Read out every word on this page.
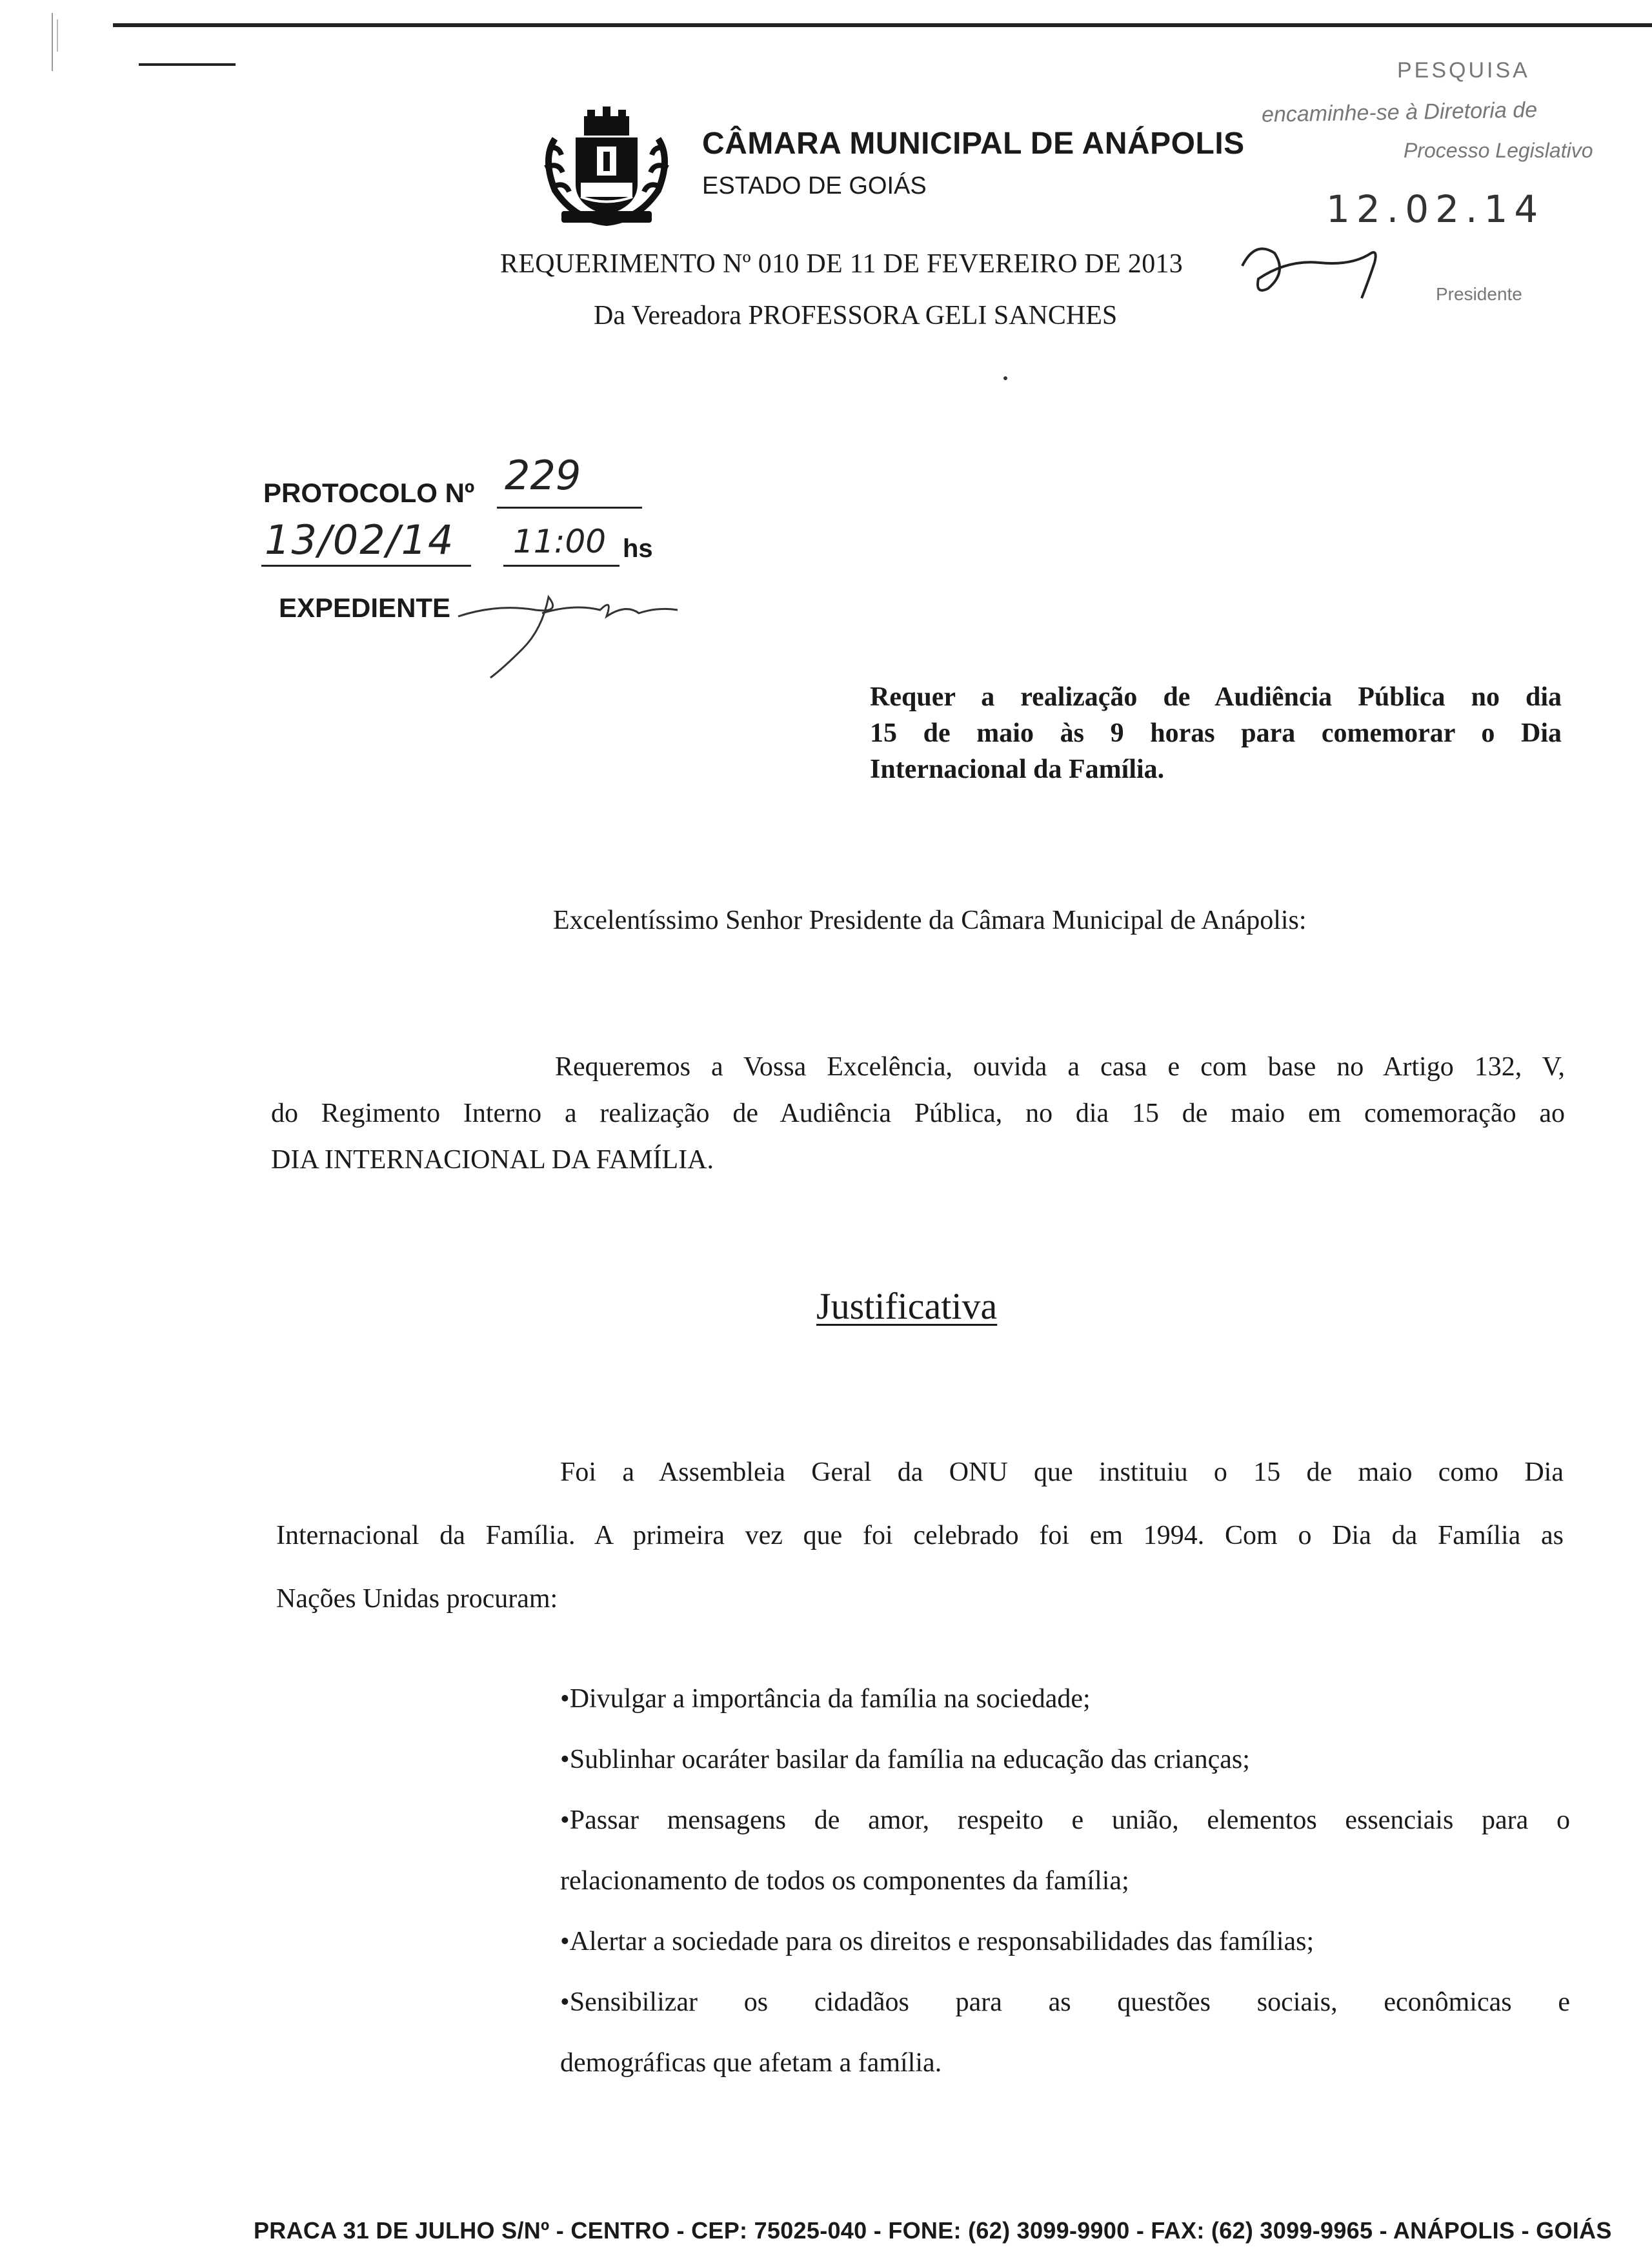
CÂMARA MUNICIPAL DE ANÁPOLIS
ESTADO DE GOIÁS
PESQUISA
encaminhe-se à Diretoria de
Processo Legislativo
12.02.14
Presidente
REQUERIMENTO Nº 010 DE 11 DE FEVEREIRO DE 2013
Da Vereadora PROFESSORA GELI SANCHES
PROTOCOLO Nº 229
13/02/14 11:00 hs
EXPEDIENTE

Requer a realização de Audiência Pública no dia

15 de maio às 9 horas para comemorar o Dia

Internacional da Família.

Excelentíssimo Senhor Presidente da Câmara Municipal de Anápolis:
Requeremos a Vossa Excelência, ouvida a casa e com base no Artigo 132, V,
do Regimento Interno a realização de Audiência Pública, no dia 15 de maio em comemoração ao
DIA INTERNACIONAL DA FAMÍLIA.
Justificativa
Foi a Assembleia Geral da ONU que instituiu o 15 de maio como Dia
Internacional da Família. A primeira vez que foi celebrado foi em 1994. Com o Dia da Família as
Nações Unidas procuram:
•Divulgar a importância da família na sociedade;
•Sublinhar ocaráter basilar da família na educação das crianças;
•Passar mensagens de amor, respeito e união, elementos essenciais para o
relacionamento de todos os componentes da família;
•Alertar a sociedade para os direitos e responsabilidades das famílias;
•Sensibilizar os cidadãos para as questões sociais, econômicas e
demográficas que afetam a família.
PRACA 31 DE JULHO S/Nº - CENTRO - CEP: 75025-040 - FONE: (62) 3099-9900 - FAX: (62) 3099-9965 - ANÁPOLIS - GOIÁS
